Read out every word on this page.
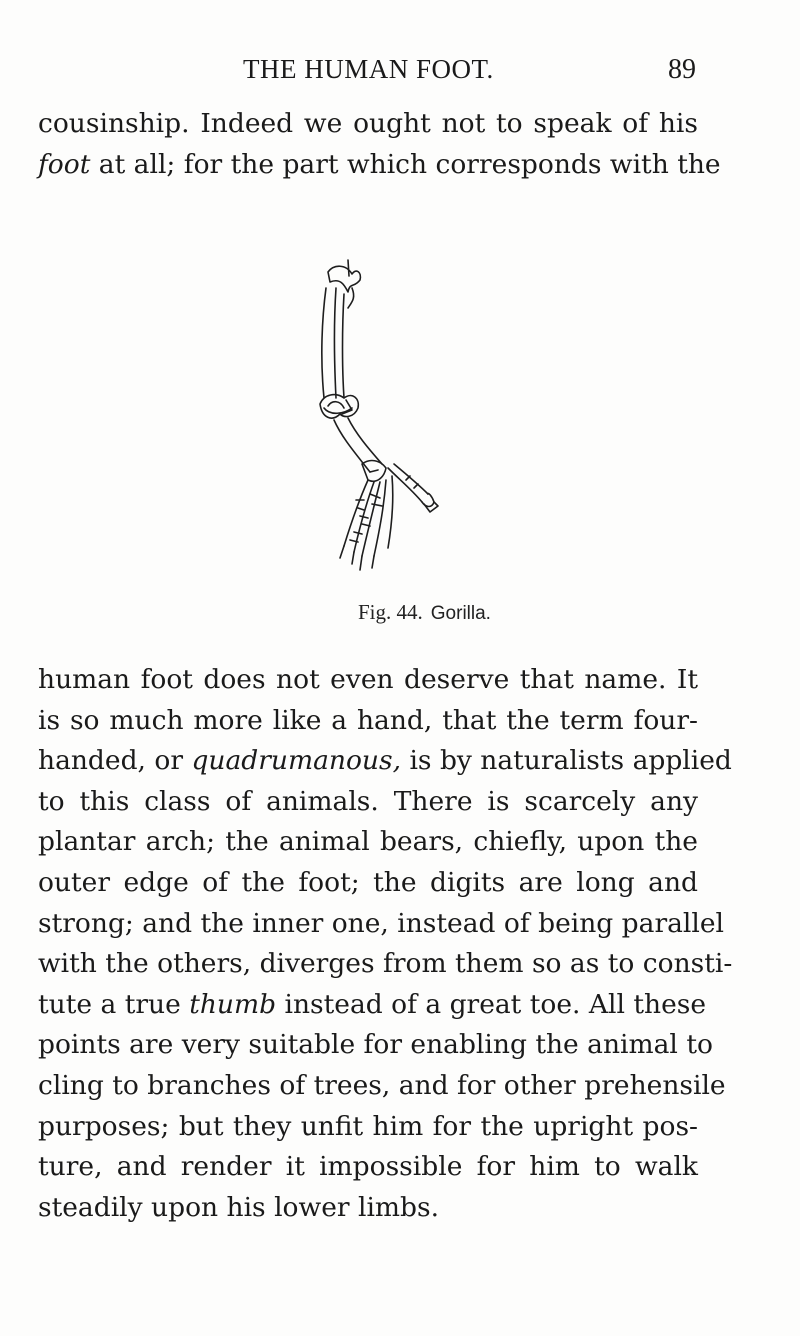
THE HUMAN FOOT.	89
cousinship. Indeed we ought not to speak of his
foot at all; for the part which corresponds with the
Fig. 44. Gorilla.
human foot does not even deserve that name. It
is so much more like a hand, that the term four-
handed, or quadrumanous, is by naturalists applied
to this class of animals. There is scarcely any
plantar arch; the animal bears, chiefly, upon the
outer edge of the foot; the digits are long and
strong; and the inner one, instead of being parallel
with the others, diverges from them so as to consti-
tute a true thumb instead of a great toe. All these
points are very suitable for enabling the animal to
cling to branches of trees, and for other prehensile
purposes; but they unfit him for the upright pos-
ture, and render it impossible for him to walk
steadily upon his lower limbs.
